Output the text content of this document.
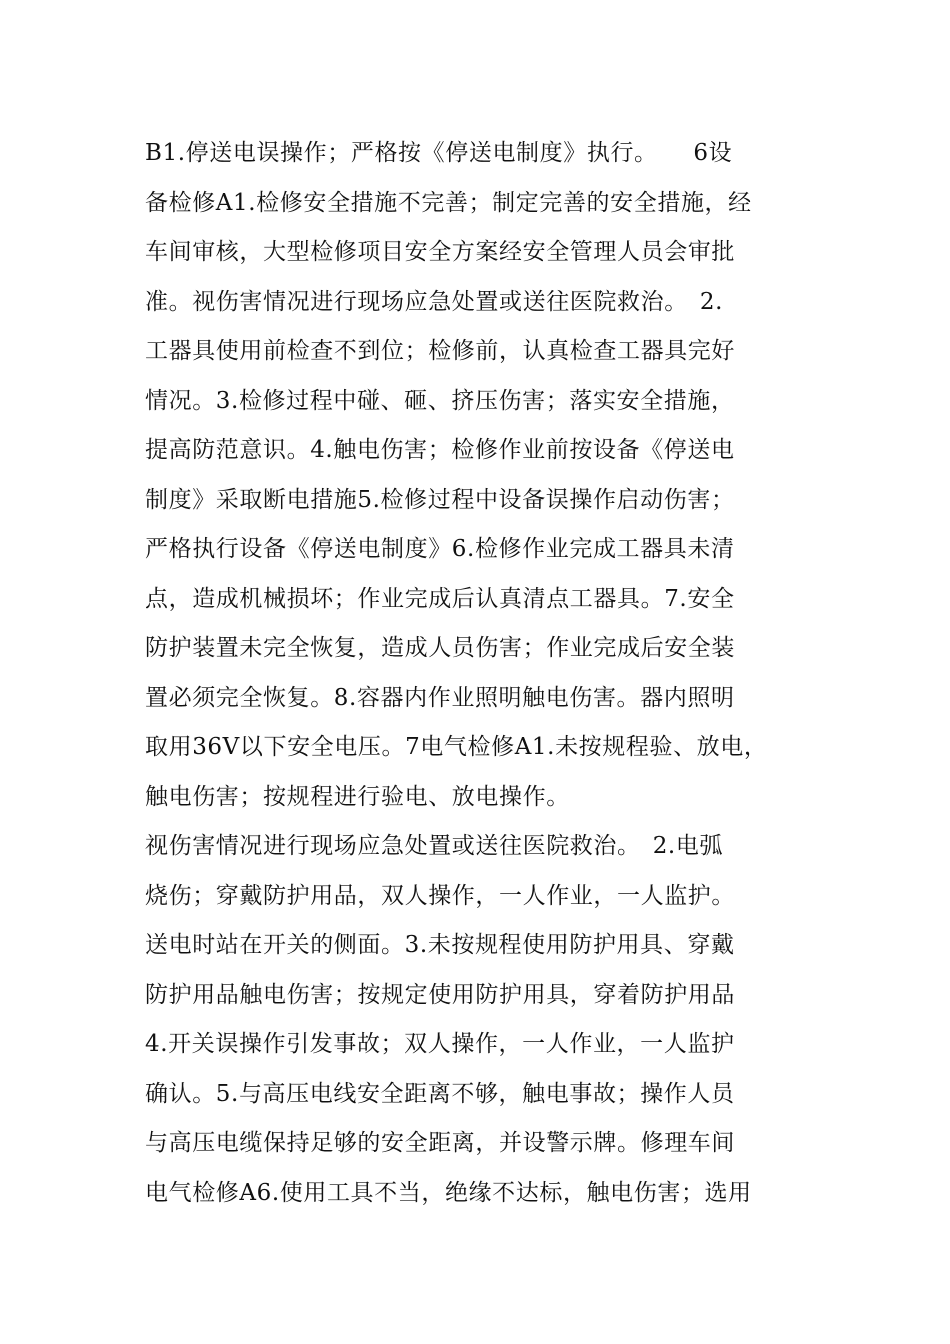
B1.停送电误操作；严格按《停送电制度》执行。　　6设
备检修A1.检修安全措施不完善；制定完善的安全措施，经
车间审核，大型检修项目安全方案经安全管理人员会审批
准。视伤害情况进行现场应急处置或送往医院救治。　2.
工器具使用前检查不到位；检修前，认真检查工器具完好
情况。3.检修过程中碰、砸、挤压伤害；落实安全措施，
提高防范意识。4.触电伤害；检修作业前按设备《停送电
制度》采取断电措施5.检修过程中设备误操作启动伤害；
严格执行设备《停送电制度》6.检修作业完成工器具未清
点，造成机械损坏；作业完成后认真清点工器具。7.安全
防护装置未完全恢复，造成人员伤害；作业完成后安全装
置必须完全恢复。8.容器内作业照明触电伤害。器内照明
取用36V以下安全电压。7电气检修A1.未按规程验、放电，
触电伤害；按规程进行验电、放电操作。
视伤害情况进行现场应急处置或送往医院救治。　2.电弧
烧伤；穿戴防护用品，双人操作，一人作业，一人监护。
送电时站在开关的侧面。3.未按规程使用防护用具、穿戴
防护用品触电伤害；按规定使用防护用具，穿着防护用品
4.开关误操作引发事故；双人操作，一人作业，一人监护
确认。5.与高压电线安全距离不够，触电事故；操作人员
与高压电缆保持足够的安全距离，并设警示牌。修理车间
电气检修A6.使用工具不当，绝缘不达标，触电伤害；选用
